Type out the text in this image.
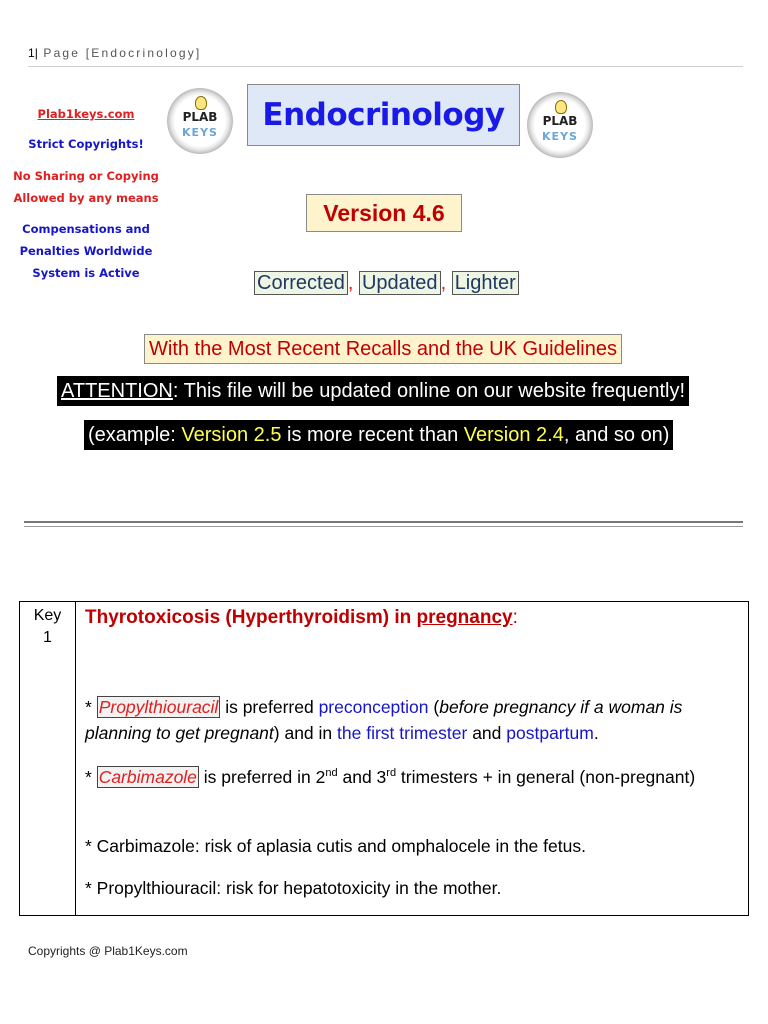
1| Page [Endocrinology]
Plab1keys.com
Strict Copyrights!
No Sharing or Copying
Allowed by any means
Compensations and
Penalties Worldwide
System is Active
PLAB
KEYS
PLAB
KEYS
Endocrinology
Version 4.6
Corrected , Updated , Lighter
With the Most Recent Recalls and the UK Guidelines
ATTENTION: This file will be updated online on our website frequently!
(example: Version 2.5 is more recent than Version 2.4, and so on)
Key
1
Thyrotoxicosis (Hyperthyroidism) in pregnancy:
* Propylthiouracil is preferred preconception (before pregnancy if a woman is planning to get pregnant) and in the first trimester and postpartum.
* Carbimazole is preferred in 2nd and 3rd trimesters + in general (non-pregnant)
* Carbimazole: risk of aplasia cutis and omphalocele in the fetus.
* Propylthiouracil: risk for hepatotoxicity in the mother.
Copyrights @ Plab1Keys.com
